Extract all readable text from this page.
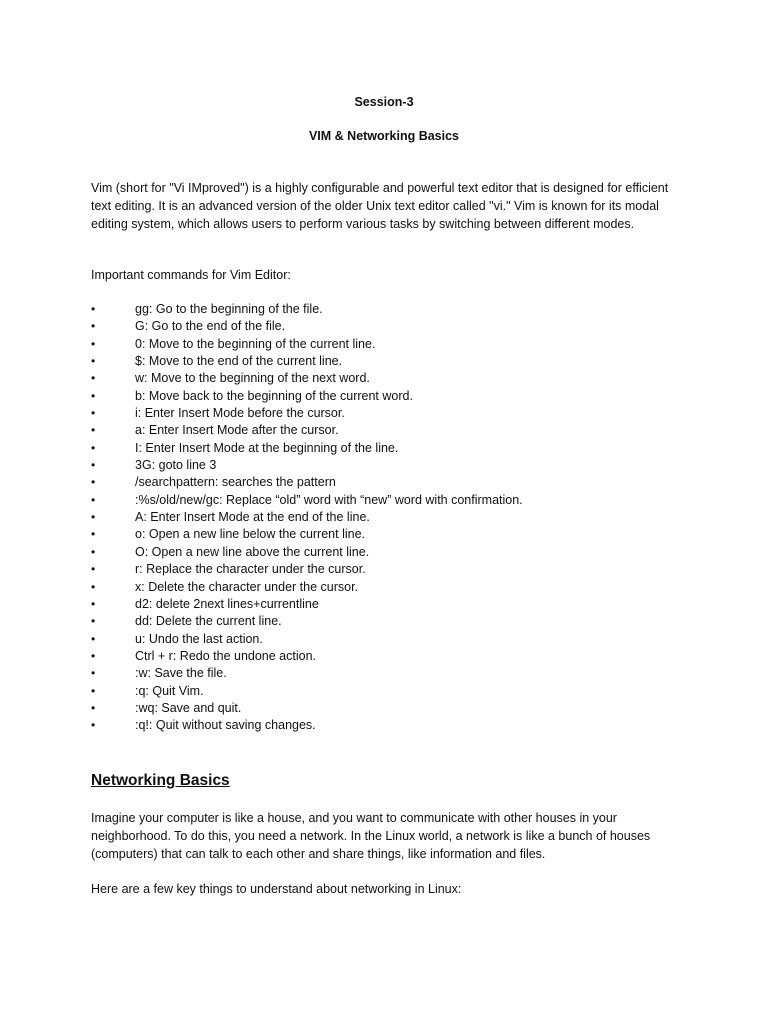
Session-3
VIM & Networking Basics
Vim (short for "Vi IMproved") is a highly configurable and powerful text editor that is designed for efficient text editing. It is an advanced version of the older Unix text editor called "vi." Vim is known for its modal editing system, which allows users to perform various tasks by switching between different modes.
Important commands for Vim Editor:
•	gg: Go to the beginning of the file.
•	G: Go to the end of the file.
•	0: Move to the beginning of the current line.
•	$: Move to the end of the current line.
•	w: Move to the beginning of the next word.
•	b: Move back to the beginning of the current word.
•	i: Enter Insert Mode before the cursor.
•	a: Enter Insert Mode after the cursor.
•	I: Enter Insert Mode at the beginning of the line.
•	3G: goto line 3
•	/searchpattern: searches the pattern
•	:%s/old/new/gc: Replace “old” word with “new” word with confirmation.
•	A: Enter Insert Mode at the end of the line.
•	o: Open a new line below the current line.
•	O: Open a new line above the current line.
•	r: Replace the character under the cursor.
•	x: Delete the character under the cursor.
•	d2: delete 2next lines+currentline
•	dd: Delete the current line.
•	u: Undo the last action.
•	Ctrl + r: Redo the undone action.
•	:w: Save the file.
•	:q: Quit Vim.
•	:wq: Save and quit.
•	:q!: Quit without saving changes.
Networking Basics
Imagine your computer is like a house, and you want to communicate with other houses in your neighborhood. To do this, you need a network. In the Linux world, a network is like a bunch of houses (computers) that can talk to each other and share things, like information and files.
Here are a few key things to understand about networking in Linux:
